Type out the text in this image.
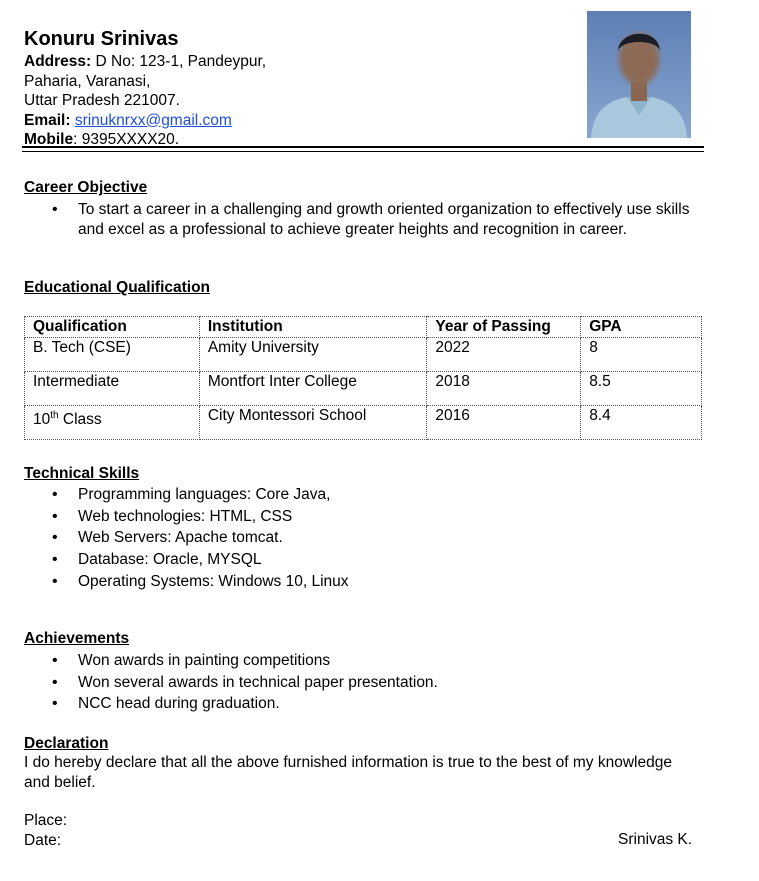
Konuru Srinivas
Address: D No: 123-1, Pandeypur,
Paharia, Varanasi,
Uttar Pradesh 221007.
Email: srinuknrxx@gmail.com
Mobile: 9395XXXX20.
Career Objective
• To start a career in a challenging and growth oriented organization to effectively use skills and excel as a professional to achieve greater heights and recognition in career.
Educational Qualification
Qualification	Institution	Year of Passing	GPA
B. Tech (CSE)	Amity University	2022	8
Intermediate	Montfort Inter College	2018	8.5
10th Class	City Montessori School	2016	8.4
Technical Skills
• Programming languages: Core Java,
• Web technologies: HTML, CSS
• Web Servers: Apache tomcat.
• Database: Oracle, MYSQL
• Operating Systems: Windows 10, Linux
Achievements
• Won awards in painting competitions
• Won several awards in technical paper presentation.
• NCC head during graduation.
Declaration

I do hereby declare that all the above furnished information is true to the best of my knowledge and belief.

Place:
Date:	Srinivas K.
